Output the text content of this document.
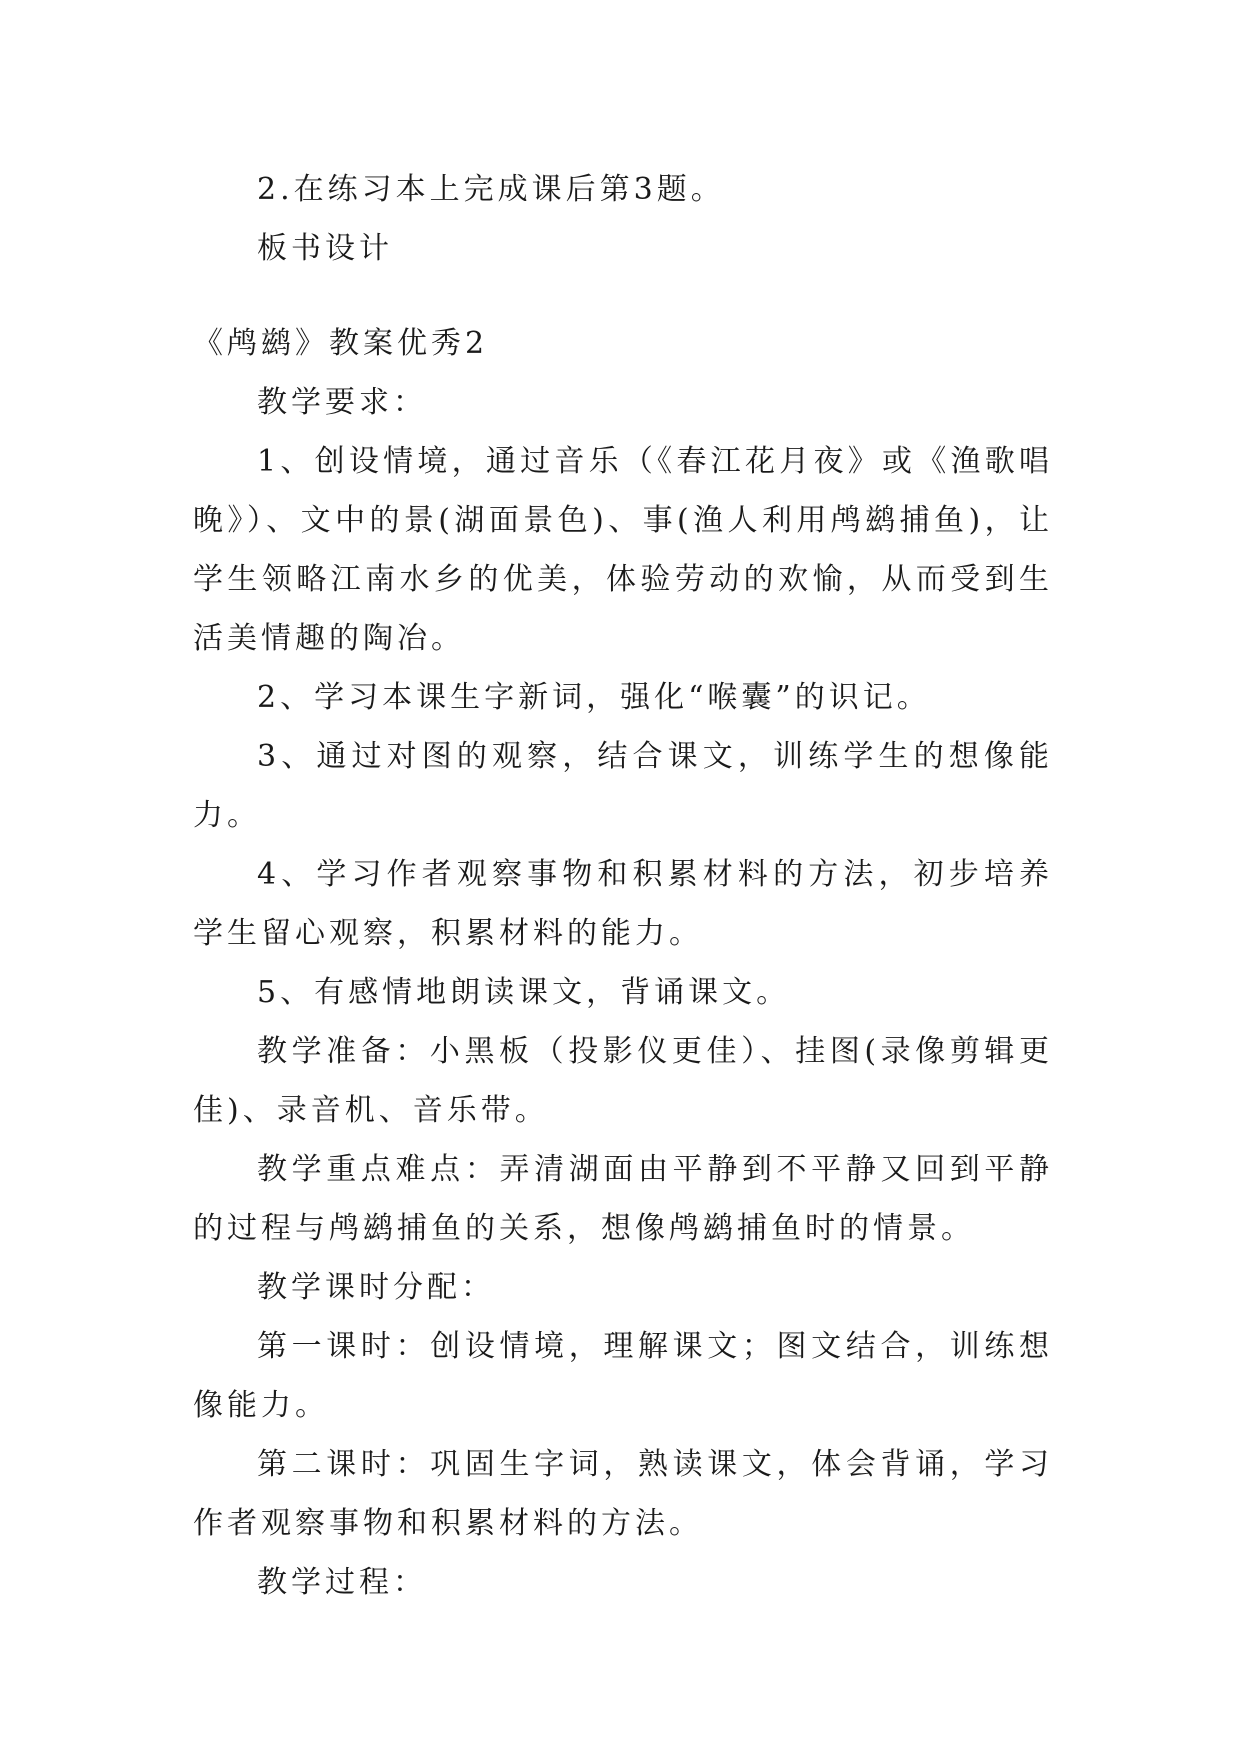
2.在练习本上完成课后第3题。

板书设计

《鸬鹚》教案优秀2

教学要求：

1、创设情境，通过音乐（《春江花月夜》或《渔歌唱晚》）、文中的景(湖面景色)、事(渔人利用鸬鹚捕鱼)，让学生领略江南水乡的优美，体验劳动的欢愉，从而受到生活美情趣的陶冶。

2、学习本课生字新词，强化“喉囊”的识记。

3、通过对图的观察，结合课文，训练学生的想像能力。

4、学习作者观察事物和积累材料的方法，初步培养学生留心观察，积累材料的能力。

5、有感情地朗读课文，背诵课文。

教学准备：小黑板（投影仪更佳）、挂图(录像剪辑更佳)、录音机、音乐带。

教学重点难点：弄清湖面由平静到不平静又回到平静的过程与鸬鹚捕鱼的关系，想像鸬鹚捕鱼时的情景。

教学课时分配：

第一课时：创设情境，理解课文；图文结合，训练想像能力。

第二课时：巩固生字词，熟读课文，体会背诵，学习作者观察事物和积累材料的方法。

教学过程：
